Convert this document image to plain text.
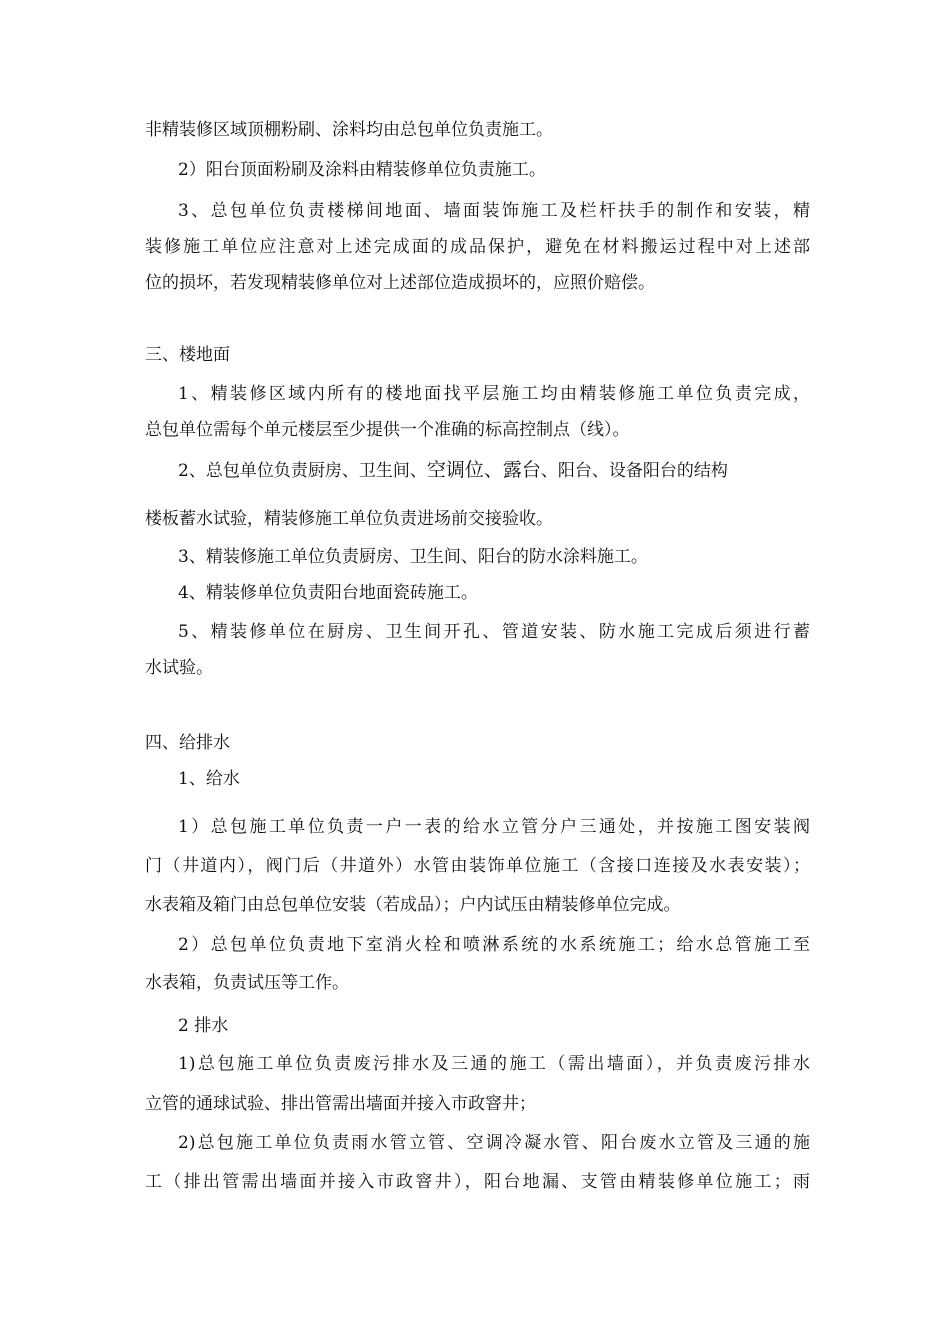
非精装修区域顶棚粉刷、涂料均由总包单位负责施工。

2）阳台顶面粉刷及涂料由精装修单位负责施工。

3、总包单位负责楼梯间地面、墙面装饰施工及栏杆扶手的制作和安装，精

装修施工单位应注意对上述完成面的成品保护，避免在材料搬运过程中对上述部

位的损坏，若发现精装修单位对上述部位造成损坏的，应照价赔偿。

三、楼地面

1、精装修区域内所有的楼地面找平层施工均由精装修施工单位负责完成，

总包单位需每个单元楼层至少提供一个准确的标高控制点（线）。

2、总包单位负责厨房、卫生间、空调位、露台、阳台、设备阳台的结构

楼板蓄水试验，精装修施工单位负责进场前交接验收。

3、精装修施工单位负责厨房、卫生间、阳台的防水涂料施工。

4、精装修单位负责阳台地面瓷砖施工。

5、精装修单位在厨房、卫生间开孔、管道安装、防水施工完成后须进行蓄

水试验。

四、给排水

1、给水

1）总包施工单位负责一户一表的给水立管分户三通处，并按施工图安装阀

门（井道内），阀门后（井道外）水管由装饰单位施工（含接口连接及水表安装）；

水表箱及箱门由总包单位安装（若成品）；户内试压由精装修单位完成。

2）总包单位负责地下室消火栓和喷淋系统的水系统施工；给水总管施工至

水表箱，负责试压等工作。

2 排水

1)总包施工单位负责废污排水及三通的施工（需出墙面），并负责废污排水

立管的通球试验、排出管需出墙面并接入市政窨井；

2)总包施工单位负责雨水管立管、空调冷凝水管、阳台废水立管及三通的施

工（排出管需出墙面并接入市政窨井），阳台地漏、支管由精装修单位施工；雨
